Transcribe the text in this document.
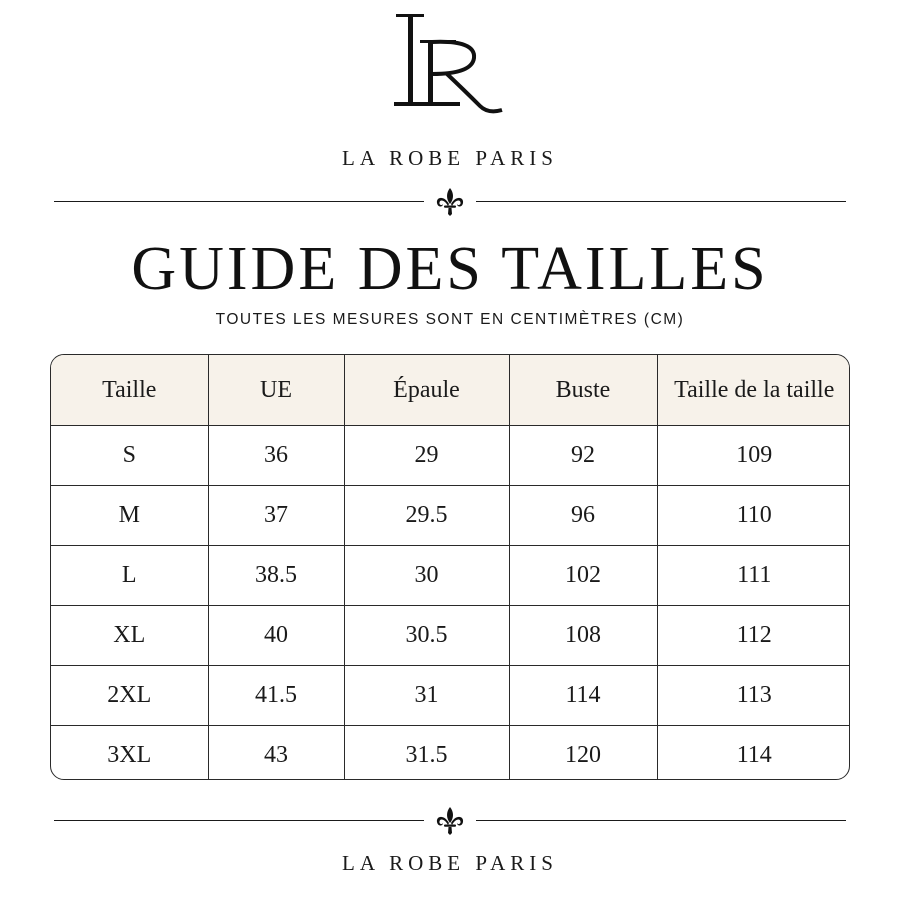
LA ROBE PARIS
GUIDE DES TAILLES
TOUTES LES MESURES SONT EN CENTIMÈTRES (CM)
Taille	UE	Épaule	Buste	Taille de la taille
S	36	29	92	109
M	37	29.5	96	110
L	38.5	30	102	111
XL	40	30.5	108	112
2XL	41.5	31	114	113
3XL	43	31.5	120	114
LA ROBE PARIS
